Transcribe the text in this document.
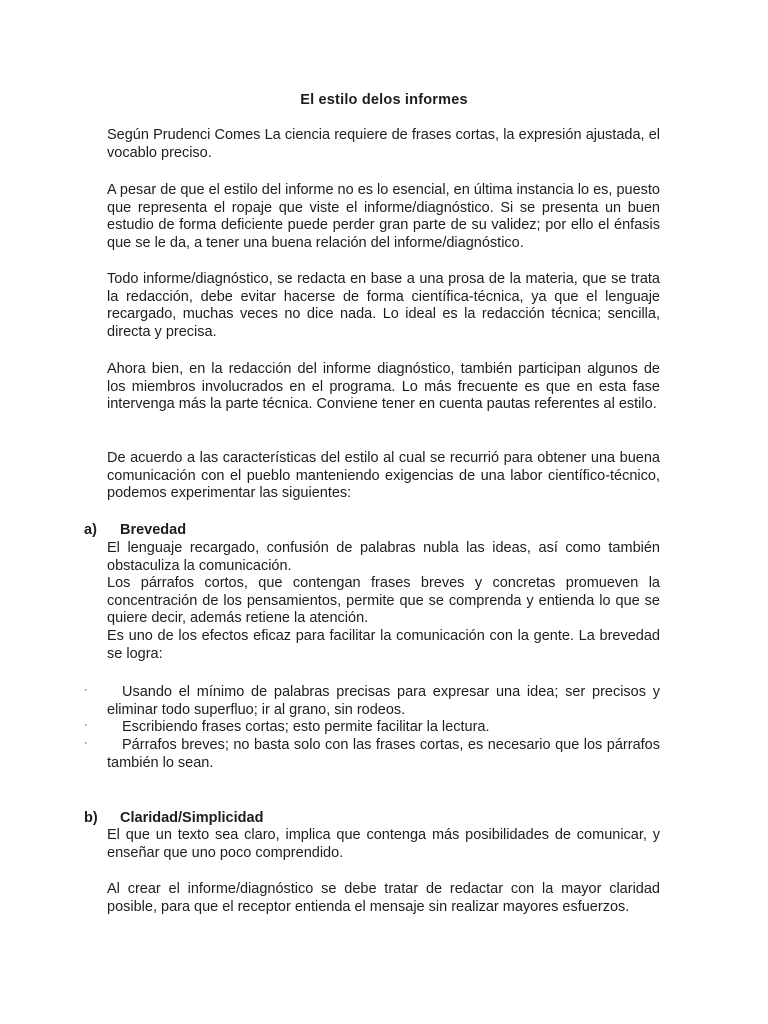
El estilo delos informes

Según Prudenci Comes La ciencia requiere de frases cortas, la expresión ajustada, el vocablo preciso.

A pesar de que el estilo del informe no es lo esencial, en última instancia lo es, puesto que representa el ropaje que viste el informe/diagnóstico. Si se presenta un buen estudio de forma deficiente puede perder gran parte de su validez; por ello el énfasis que se le da, a tener una buena relación del informe/diagnóstico.

Todo informe/diagnóstico, se redacta en base a una prosa de la materia, que se trata la redacción, debe evitar hacerse de forma científica-técnica, ya que el lenguaje recargado, muchas veces no dice nada. Lo ideal es la redacción técnica; sencilla, directa y precisa.

Ahora bien, en la redacción del informe diagnóstico, también participan algunos de los miembros involucrados en el programa. Lo más frecuente es que en esta fase intervenga más la parte técnica. Conviene tener en cuenta pautas referentes al estilo.

De acuerdo a las características del estilo al cual se recurrió para obtener una buena comunicación con el pueblo manteniendo exigencias de una labor científico-técnico, podemos experimentar las siguientes:

a) Brevedad

El lenguaje recargado, confusión de palabras nubla las ideas, así como también obstaculiza la comunicación.

Los párrafos cortos, que contengan frases breves y concretas promueven la concentración de los pensamientos, permite que se comprenda y entienda lo que se quiere decir, además retiene la atención.

Es uno de los efectos eficaz para facilitar la comunicación con la gente. La brevedad se logra:

·	Usando el mínimo de palabras precisas para expresar una idea; ser precisos y eliminar todo superfluo; ir al grano, sin rodeos.
·	Escribiendo frases cortas; esto permite facilitar la lectura.
·	Párrafos breves; no basta solo con las frases cortas, es necesario que los párrafos también lo sean.
b) Claridad/Simplicidad

El que un texto sea claro, implica que contenga más posibilidades de comunicar, y enseñar que uno poco comprendido.

Al crear el informe/diagnóstico se debe tratar de redactar con la mayor claridad posible, para que el receptor entienda el mensaje sin realizar mayores esfuerzos.
